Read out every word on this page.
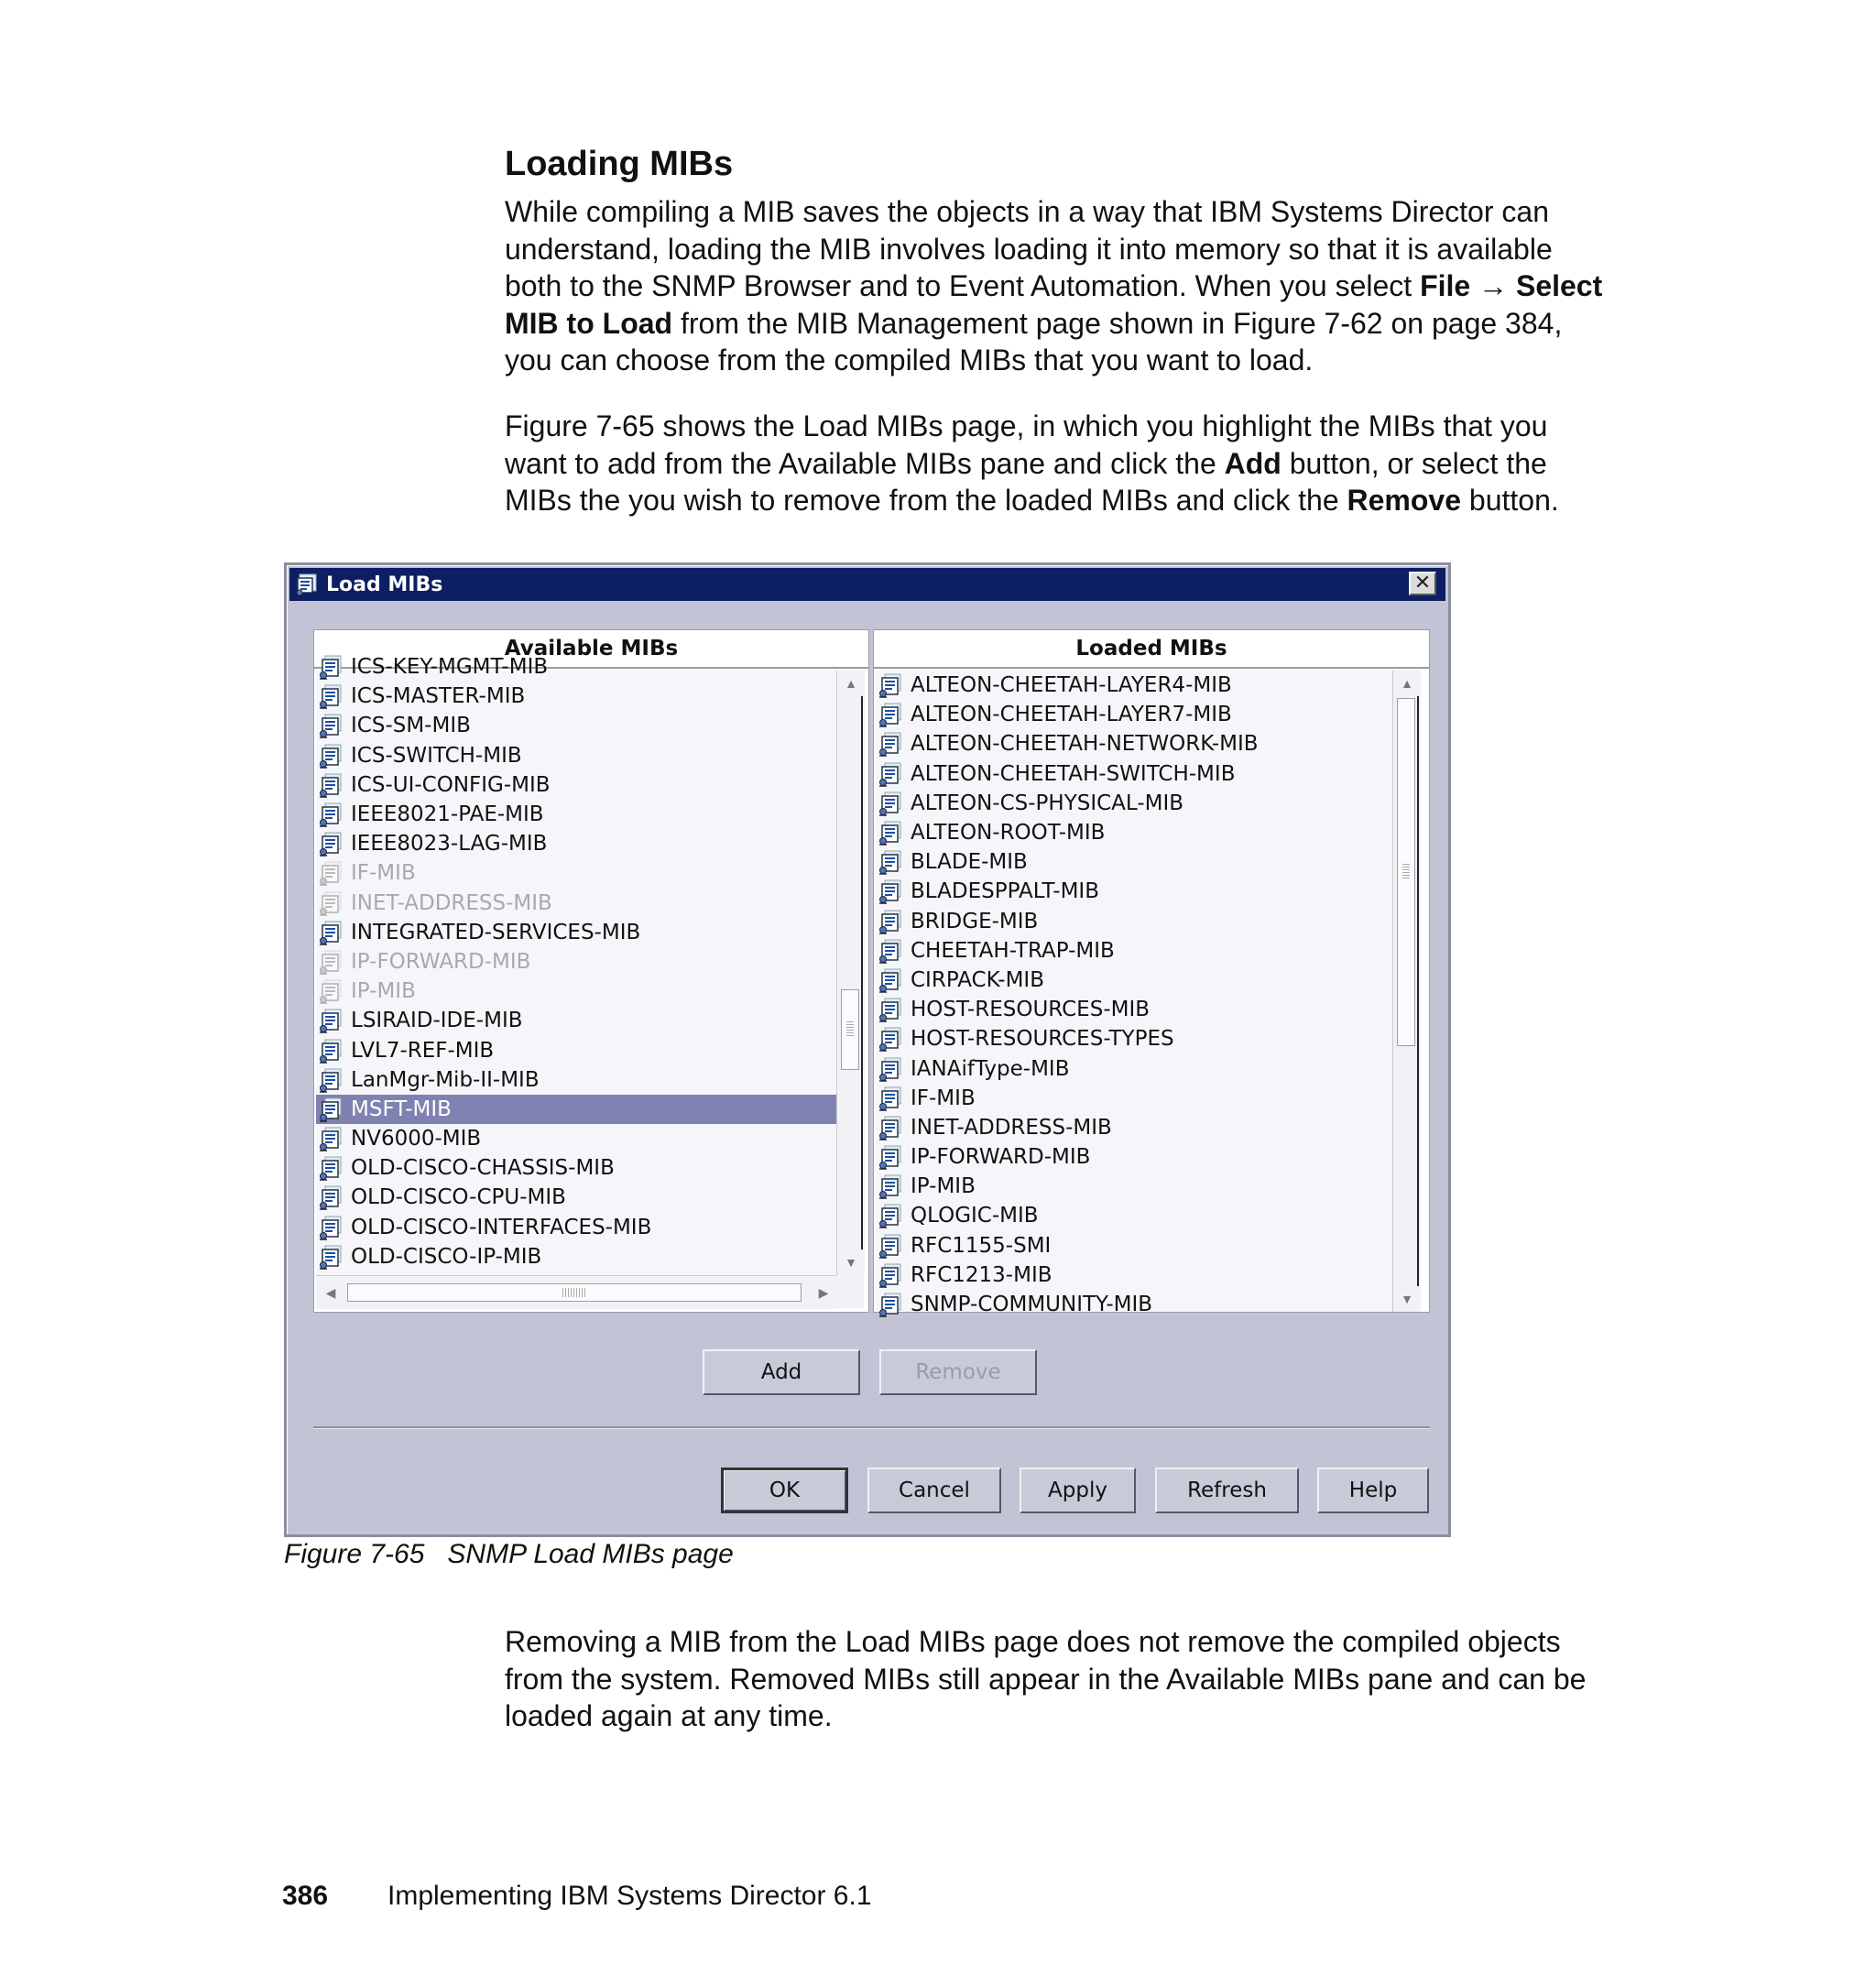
Loading MIBs

While compiling a MIB saves the objects in a way that IBM Systems Director can understand, loading the MIB involves loading it into memory so that it is available both to the SNMP Browser and to Event Automation. When you select File → Select MIB to Load from the MIB Management page shown in Figure 7-62 on page 384, you can choose from the compiled MIBs that you want to load.

Figure 7-65 shows the Load MIBs page, in which you highlight the MIBs that you want to add from the Available MIBs pane and click the Add button, or select the MIBs the you wish to remove from the loaded MIBs and click the Remove button.

Load MIBs	✕
Available MIBs
ICS-KEY-MGMT-MIB
ICS-MASTER-MIB
ICS-SM-MIB
ICS-SWITCH-MIB
ICS-UI-CONFIG-MIB
IEEE8021-PAE-MIB
IEEE8023-LAG-MIB
IF-MIB
INET-ADDRESS-MIB
INTEGRATED-SERVICES-MIB
IP-FORWARD-MIB
IP-MIB
LSIRAID-IDE-MIB
LVL7-REF-MIB
LanMgr-Mib-II-MIB
MSFT-MIB
NV6000-MIB
OLD-CISCO-CHASSIS-MIB
OLD-CISCO-CPU-MIB
OLD-CISCO-INTERFACES-MIB
OLD-CISCO-IP-MIB
▲
▼
◀	▶
Loaded MIBs
ALTEON-CHEETAH-LAYER4-MIB
ALTEON-CHEETAH-LAYER7-MIB
ALTEON-CHEETAH-NETWORK-MIB
ALTEON-CHEETAH-SWITCH-MIB
ALTEON-CS-PHYSICAL-MIB
ALTEON-ROOT-MIB
BLADE-MIB
BLADESPPALT-MIB
BRIDGE-MIB
CHEETAH-TRAP-MIB
CIRPACK-MIB
HOST-RESOURCES-MIB
HOST-RESOURCES-TYPES
IANAifType-MIB
IF-MIB
INET-ADDRESS-MIB
IP-FORWARD-MIB
IP-MIB
QLOGIC-MIB
RFC1155-SMI
RFC1213-MIB
SNMP-COMMUNITY-MIB
▲
▼
Add	Remove
OK	Cancel	Apply	Refresh	Help
Figure 7-65   SNMP Load MIBs page

Removing a MIB from the Load MIBs page does not remove the compiled objects from the system. Removed MIBs still appear in the Available MIBs pane and can be loaded again at any time.

386	Implementing IBM Systems Director 6.1
